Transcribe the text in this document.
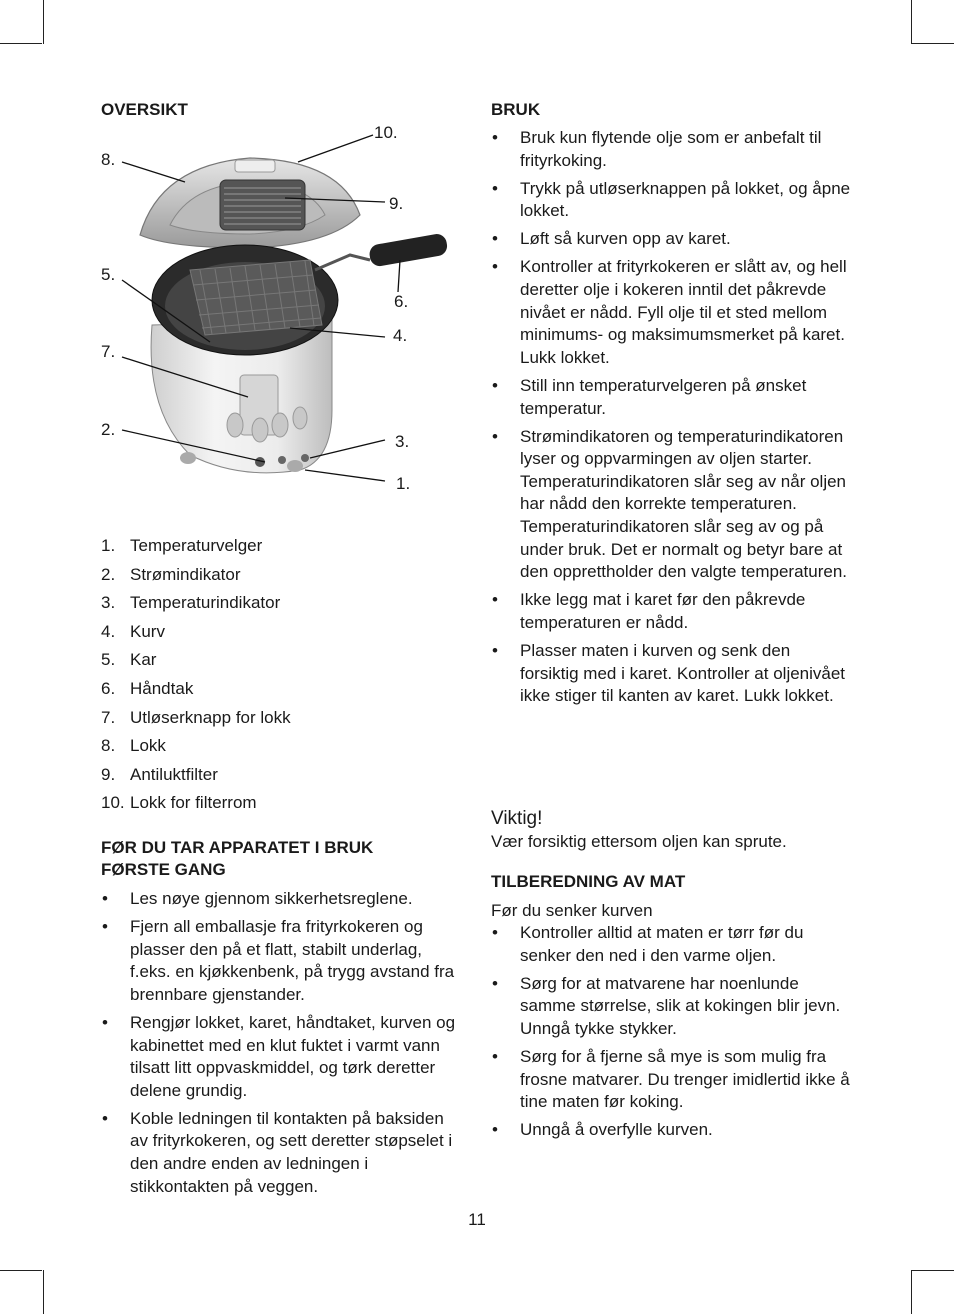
OVERSIKT
10.
8.
9.
5.
6.
4.
7.
2.
3.
1.
1. Temperaturvelger
2. Strømindikator
3. Temperaturindikator
4. Kurv
5. Kar
6. Håndtak
7. Utløserknapp for lokk
8. Lokk
9. Antiluktfilter
10. Lokk for filterrom
FØR DU TAR APPARATET I BRUK
FØRSTE GANG
• Les nøye gjennom sikkerhetsreglene.
• Fjern all emballasje fra frityrkokeren og plasser den på et flatt, stabilt underlag, f.eks. en kjøkkenbenk, på trygg avstand fra brennbare gjenstander.
• Rengjør lokket, karet, håndtaket, kurven og kabinettet med en klut fuktet i varmt vann tilsatt litt oppvaskmiddel, og tørk deretter delene grundig.
• Koble ledningen til kontakten på baksiden av frityrkokeren, og sett deretter støpselet i den andre enden av ledningen i stikkontakten på veggen.
BRUK
• Bruk kun flytende olje som er anbefalt til frityrkoking.
• Trykk på utløserknappen på lokket, og åpne lokket.
• Løft så kurven opp av karet.
• Kontroller at frityrkokeren er slått av, og hell deretter olje i kokeren inntil det påkrevde nivået er nådd. Fyll olje til et sted mellom minimums- og maksimumsmerket på karet. Lukk lokket.
• Still inn temperaturvelgeren på ønsket temperatur.
• Strømindikatoren og temperaturindikatoren lyser og oppvarmingen av oljen starter. Temperaturindikatoren slår seg av når oljen har nådd den korrekte temperaturen. Temperaturindikatoren slår seg av og på under bruk. Det er normalt og betyr bare at den opprettholder den valgte temperaturen.
• Ikke legg mat i karet før den påkrevde temperaturen er nådd.
• Plasser maten i kurven og senk den forsiktig med i karet. Kontroller at oljenivået ikke stiger til kanten av karet. Lukk lokket.
Viktig!
Vær forsiktig ettersom oljen kan sprute.
TILBEREDNING AV MAT
Før du senker kurven
• Kontroller alltid at maten er tørr før du senker den ned i den varme oljen.
• Sørg for at matvarene har noenlunde samme størrelse, slik at kokingen blir jevn. Unngå tykke stykker.
• Sørg for å fjerne så mye is som mulig fra frosne matvarer. Du trenger imidlertid ikke å tine maten før koking.
• Unngå å overfylle kurven.
11
